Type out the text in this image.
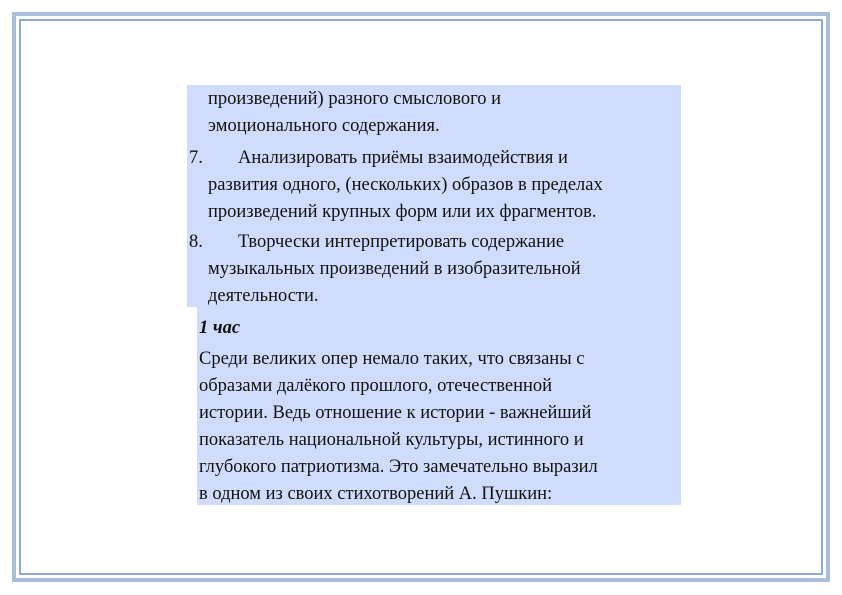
произведений) разного смыслового и
эмоционального содержания.
7. Анализировать приёмы взаимодействия и
развития одного, (нескольких) образов в пределах
произведений крупных форм или их фрагментов.
8. Творчески интерпретировать содержание
музыкальных произведений в изобразительной
деятельности.
1 час
Среди великих опер немало таких, что связаны с
образами далёкого прошлого, отечественной
истории. Ведь отношение к истории - важнейший
показатель национальной культуры, истинного и
глубокого патриотизма. Это замечательно выразил
в одном из своих стихотворений А. Пушкин:
